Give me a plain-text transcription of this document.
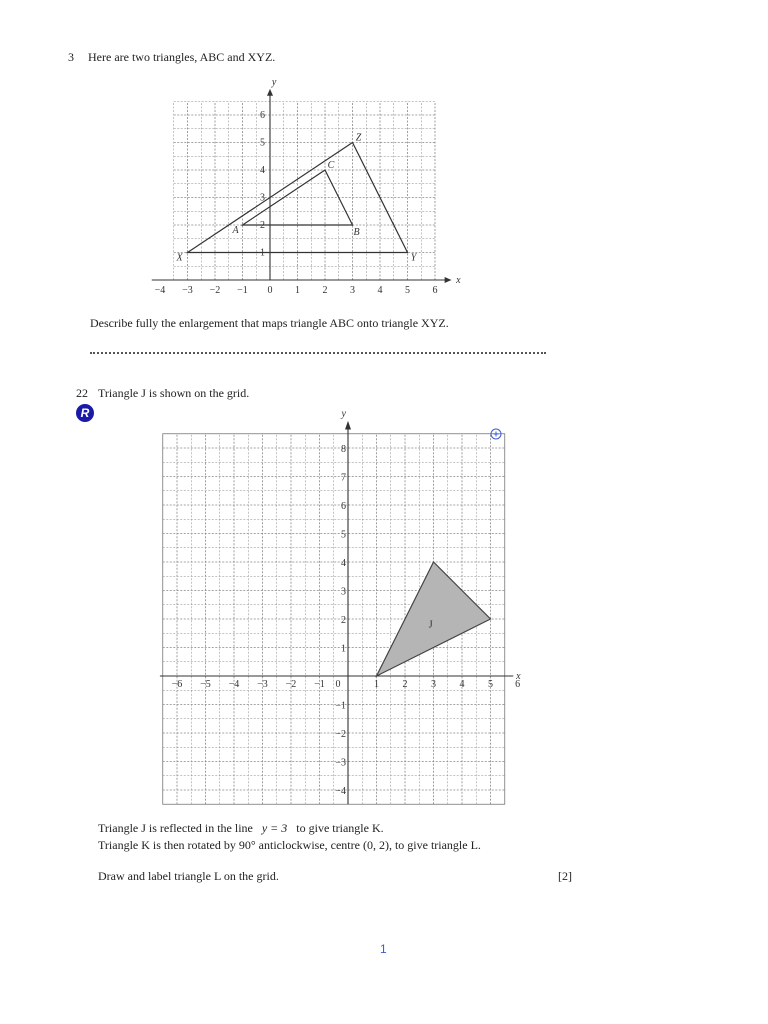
3 Here are two triangles, ABC and XYZ.
x
y
−4 −3 −2 −1 0 1 2 3 4 5 6
1
2
3
4
5
6
A	B
C
X	Y
Z
Describe fully the enlargement that maps triangle ABC onto triangle XYZ.
22 Triangle J is shown on the grid.
R
J
x
y
−6 −5 −4 −3 −2 −1 0	1 2 3 4 5 6
8
7
6
5
4
3
2
1
−1
−2
−3
−4
Triangle J is reflected in the line y = 3 to give triangle K.
Triangle K is then rotated by 90° anticlockwise, centre (0, 2), to give triangle L.
Draw and label triangle L on the grid.	[2]
1
